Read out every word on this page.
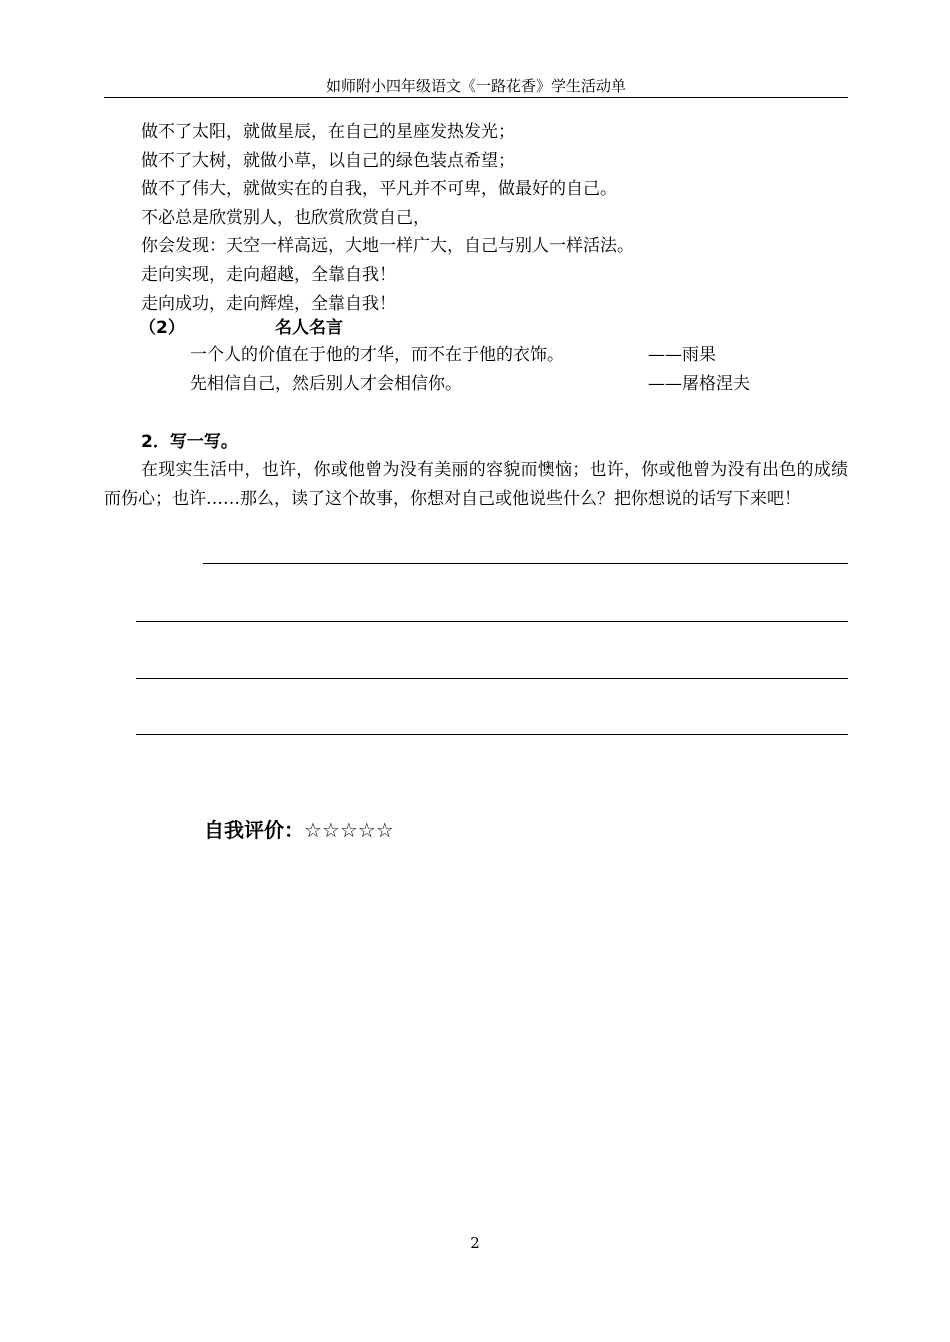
如师附小四年级语文《一路花香》学生活动单
做不了太阳，就做星辰，在自己的星座发热发光；
做不了大树，就做小草，以自己的绿色装点希望；
做不了伟大，就做实在的自我，平凡并不可卑，做最好的自己。
不必总是欣赏别人，也欣赏欣赏自己，
你会发现：天空一样高远，大地一样广大，自己与别人一样活法。
走向实现，走向超越，全靠自我！
走向成功，走向辉煌，全靠自我！
（2）	名人名言
一个人的价值在于他的才华，而不在于他的衣饰。	——雨果
先相信自己，然后别人才会相信你。	——屠格涅夫
2．写一写。

在现实生活中，也许，你或他曾为没有美丽的容貌而懊恼；也许，你或他曾为没有出色的成绩而伤心；也许……那么，读了这个故事，你想对自己或他说些什么？把你想说的话写下来吧！

自我评价：☆☆☆☆☆
2
